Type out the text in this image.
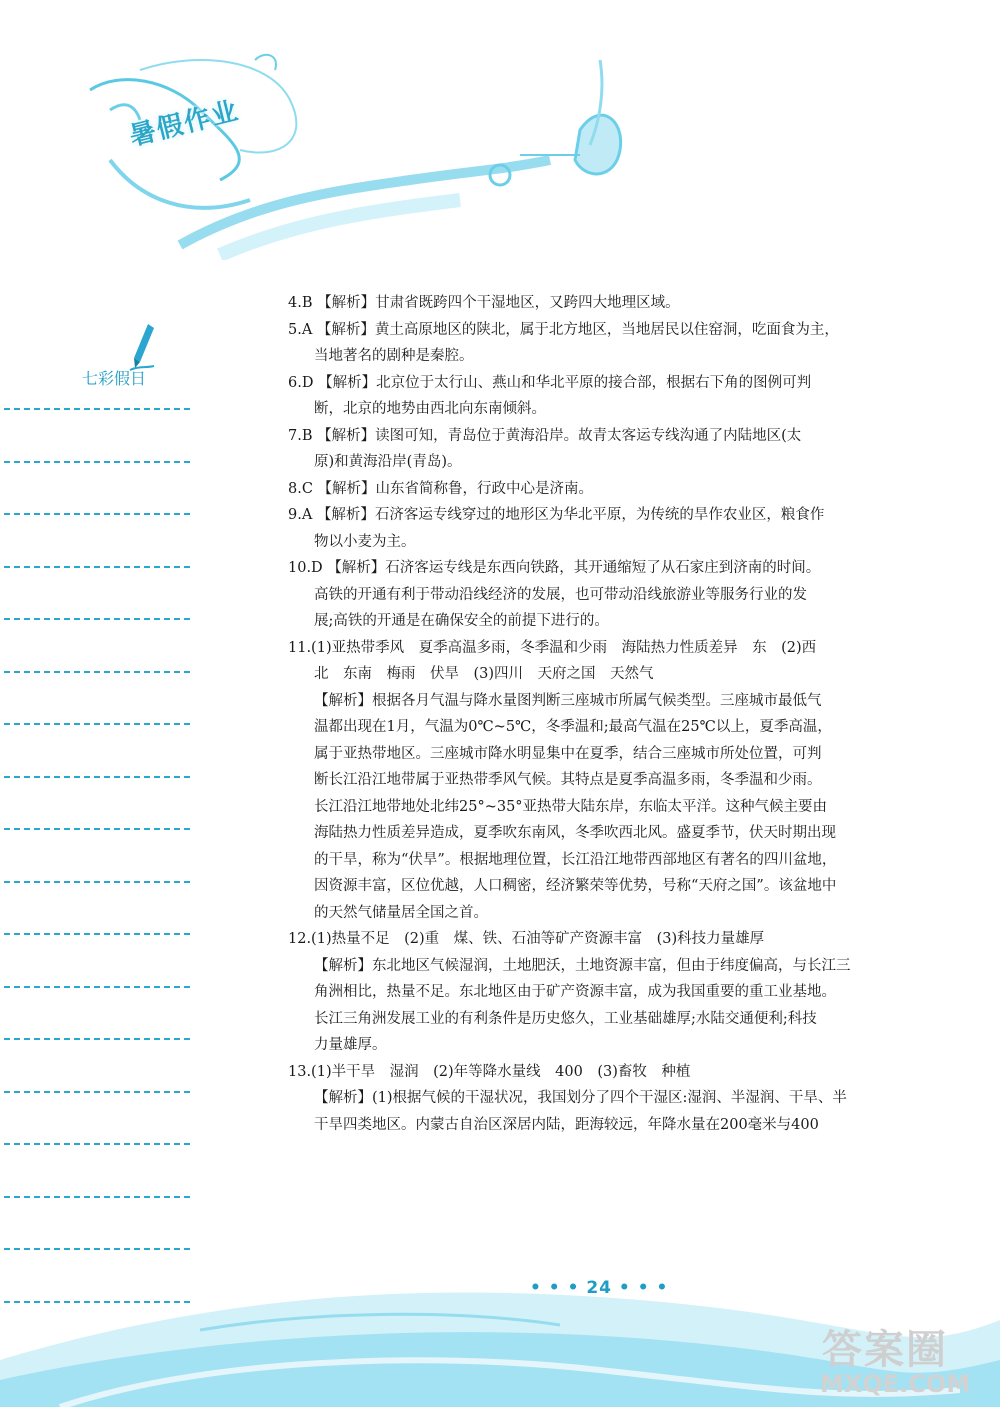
暑假作业
七彩假日
4.B 【解析】甘肃省既跨四个干湿地区，又跨四大地理区域。
5.A 【解析】黄土高原地区的陕北，属于北方地区，当地居民以住窑洞，吃面食为主，
当地著名的剧种是秦腔。
6.D 【解析】北京位于太行山、燕山和华北平原的接合部，根据右下角的图例可判
断，北京的地势由西北向东南倾斜。
7.B 【解析】读图可知，青岛位于黄海沿岸。故青太客运专线沟通了内陆地区(太
原)和黄海沿岸(青岛)。
8.C 【解析】山东省简称鲁，行政中心是济南。
9.A 【解析】石济客运专线穿过的地形区为华北平原，为传统的旱作农业区，粮食作
物以小麦为主。
10.D 【解析】石济客运专线是东西向铁路，其开通缩短了从石家庄到济南的时间。
高铁的开通有利于带动沿线经济的发展，也可带动沿线旅游业等服务行业的发
展;高铁的开通是在确保安全的前提下进行的。
11.(1)亚热带季风　夏季高温多雨，冬季温和少雨　海陆热力性质差异　东　(2)西
北　东南　梅雨　伏旱　(3)四川　天府之国　天然气
【解析】根据各月气温与降水量图判断三座城市所属气候类型。三座城市最低气
温都出现在1月，气温为0℃~5℃，冬季温和;最高气温在25℃以上，夏季高温，
属于亚热带地区。三座城市降水明显集中在夏季，结合三座城市所处位置，可判
断长江沿江地带属于亚热带季风气候。其特点是夏季高温多雨，冬季温和少雨。
长江沿江地带地处北纬25°~35°亚热带大陆东岸，东临太平洋。这种气候主要由
海陆热力性质差异造成，夏季吹东南风，冬季吹西北风。盛夏季节，伏天时期出现
的干旱，称为“伏旱”。根据地理位置，长江沿江地带西部地区有著名的四川盆地，
因资源丰富，区位优越，人口稠密，经济繁荣等优势，号称“天府之国”。该盆地中
的天然气储量居全国之首。
12.(1)热量不足　(2)重　煤、铁、石油等矿产资源丰富　(3)科技力量雄厚
【解析】东北地区气候湿润，土地肥沃，土地资源丰富，但由于纬度偏高，与长江三
角洲相比，热量不足。东北地区由于矿产资源丰富，成为我国重要的重工业基地。
长江三角洲发展工业的有利条件是历史悠久，工业基础雄厚;水陆交通便利;科技
力量雄厚。
13.(1)半干旱　湿润　(2)年等降水量线　400　(3)畜牧　种植
【解析】(1)根据气候的干湿状况，我国划分了四个干湿区:湿润、半湿润、干旱、半
干旱四类地区。内蒙古自治区深居内陆，距海较远，年降水量在200毫米与400
• • • 24 • • •
答案圈
MXQE.COM
